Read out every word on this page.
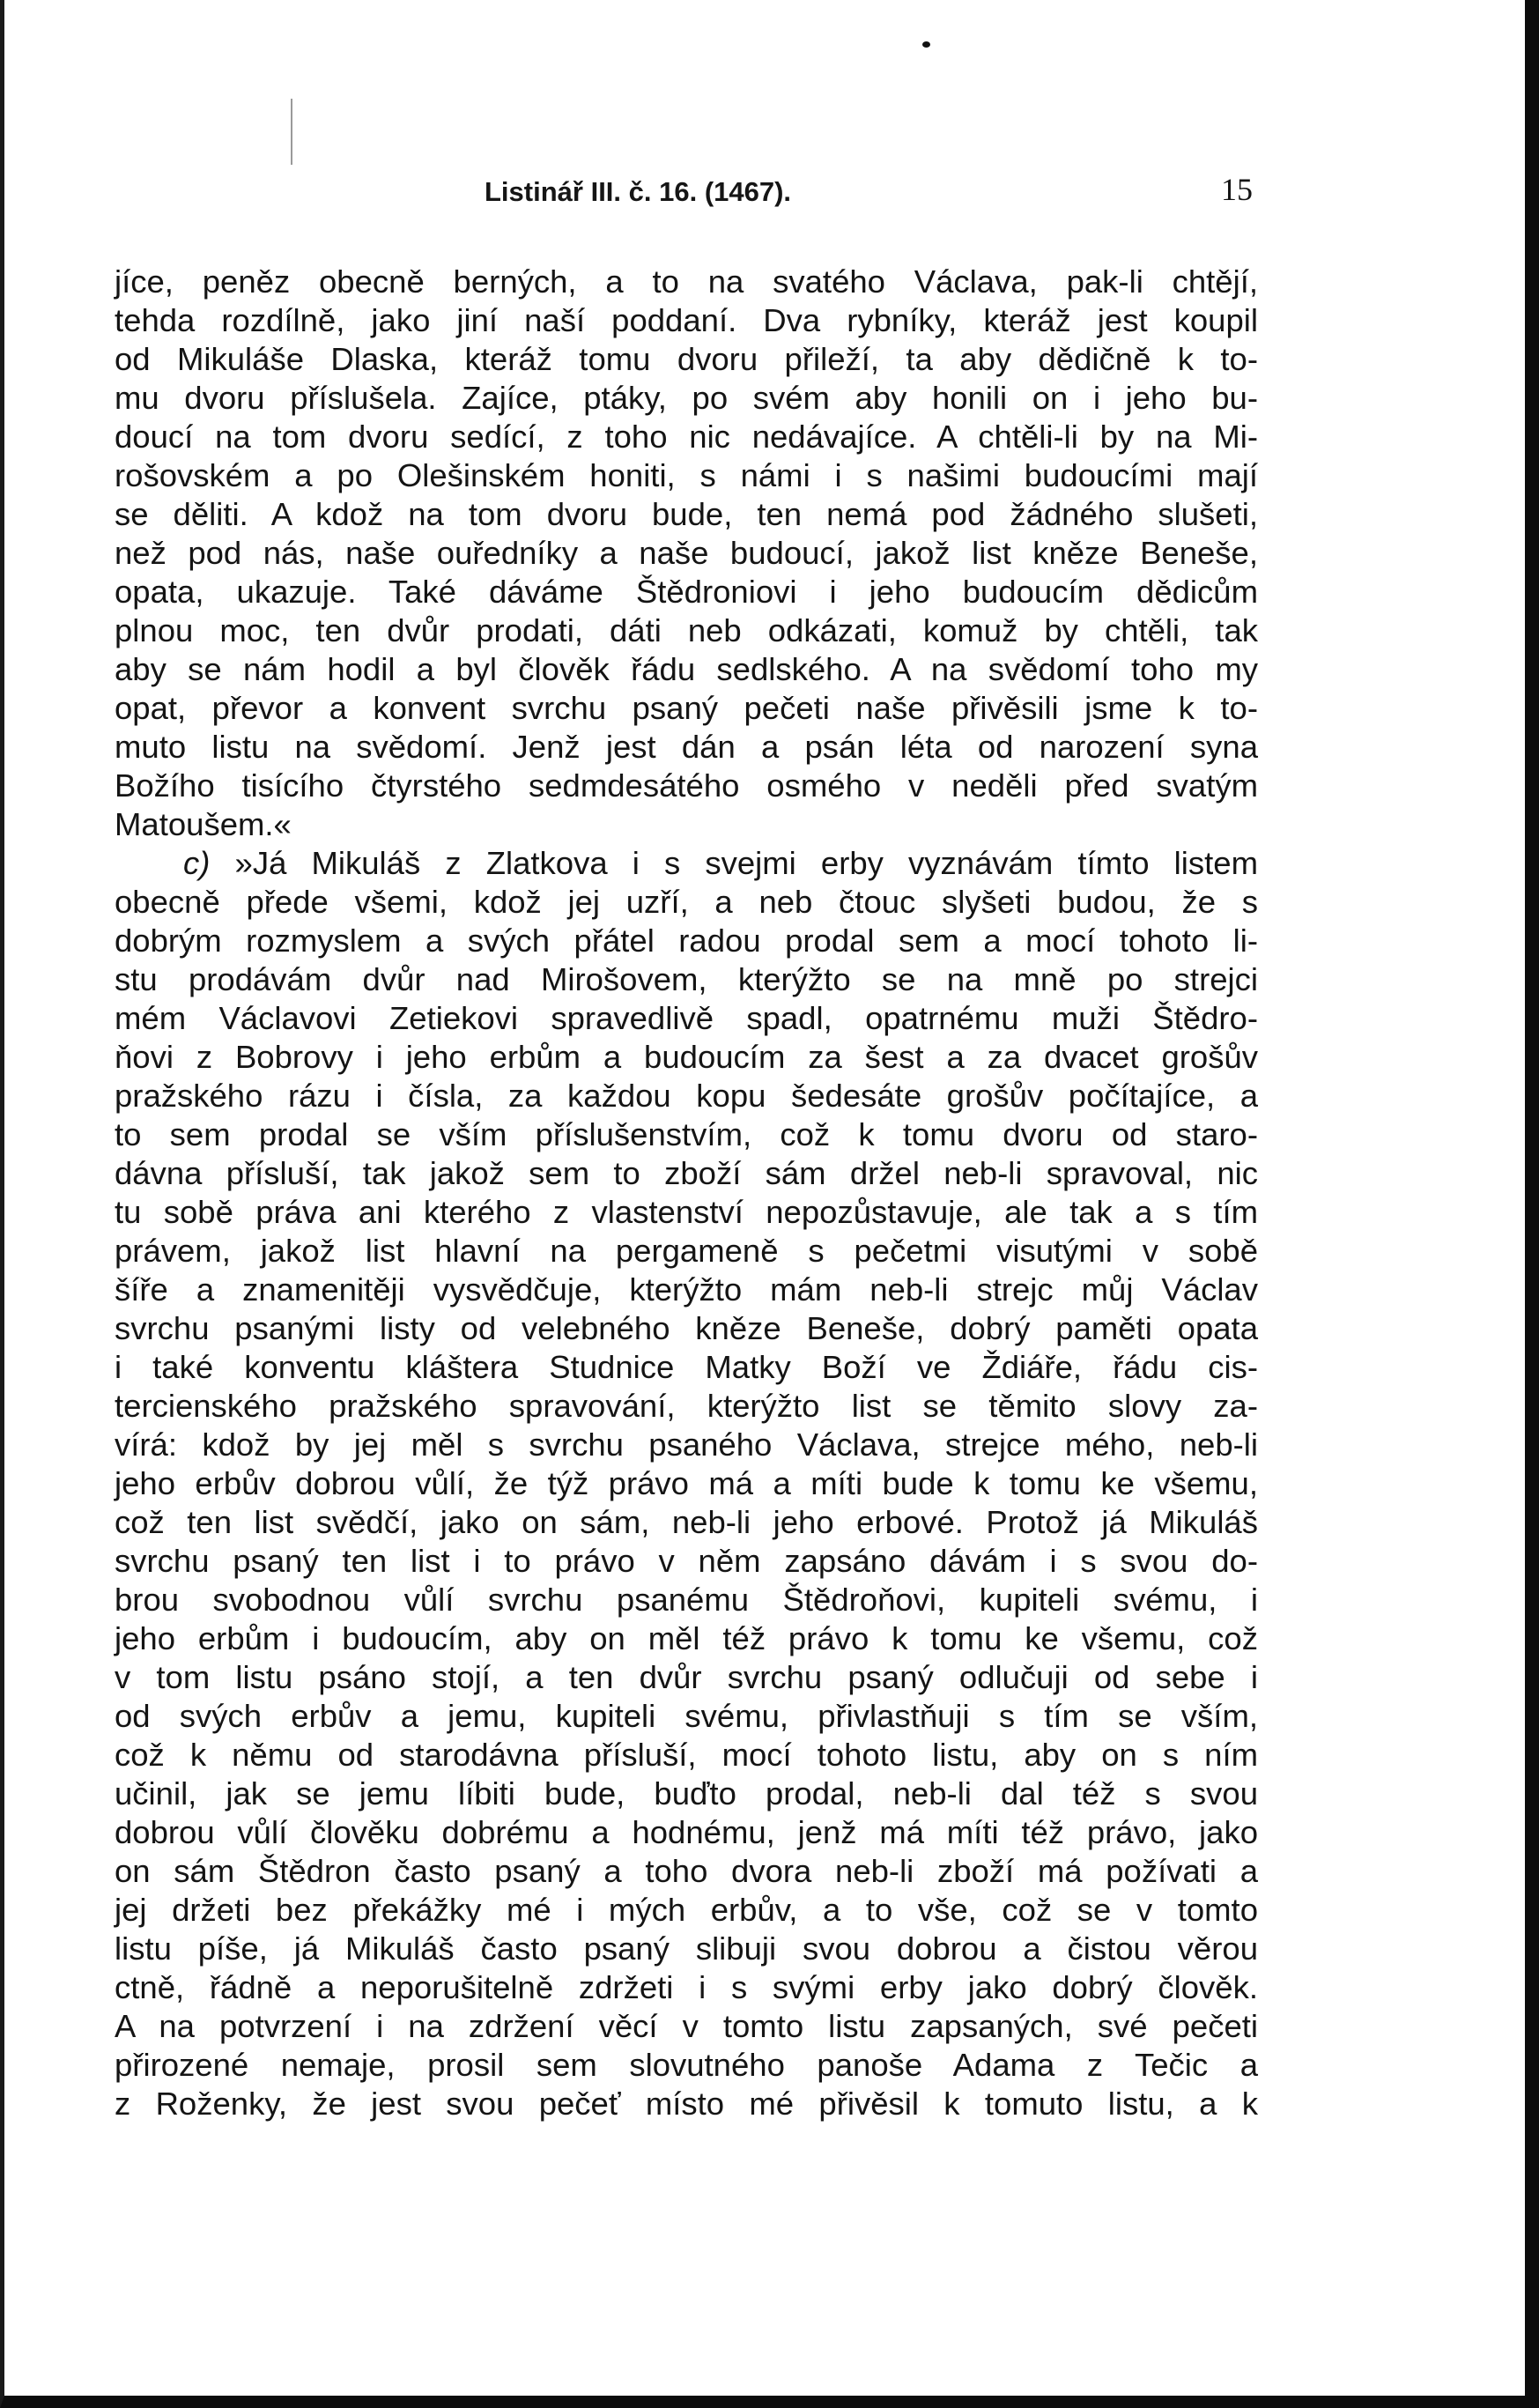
Listinář III. č. 16. (1467).	15
jíce, peněz obecně berných, a to na svatého Václava, pak-li chtějí,
tehda rozdílně, jako jiní naší poddaní. Dva rybníky, kteráž jest koupil
od Mikuláše Dlaska, kteráž tomu dvoru přileží, ta aby dědičně k to-
mu dvoru příslušela. Zajíce, ptáky, po svém aby honili on i jeho bu-
doucí na tom dvoru sedící, z toho nic nedávajíce. A chtěli-li by na Mi-
rošovském a po Olešinském honiti, s námi i s našimi budoucími mají
se děliti. A kdož na tom dvoru bude, ten nemá pod žádného slušeti,
než pod nás, naše ouředníky a naše budoucí, jakož list kněze Beneše,
opata, ukazuje. Také dáváme Štědroniovi i jeho budoucím dědicům
plnou moc, ten dvůr prodati, dáti neb odkázati, komuž by chtěli, tak
aby se nám hodil a byl člověk řádu sedlského. A na svědomí toho my
opat, převor a konvent svrchu psaný pečeti naše přivěsili jsme k to-
muto listu na svědomí. Jenž jest dán a psán léta od narození syna
Božího tisícího čtyrstého sedmdesátého osmého v neděli před svatým
Matoušem.«
c) »Já Mikuláš z Zlatkova i s svejmi erby vyznávám tímto listem
obecně přede všemi, kdož jej uzří, a neb čtouc slyšeti budou, že s
dobrým rozmyslem a svých přátel radou prodal sem a mocí tohoto li-
stu prodávám dvůr nad Mirošovem, kterýžto se na mně po strejci
mém Václavovi Zetiekovi spravedlivě spadl, opatrnému muži Štědro-
ňovi z Bobrovy i jeho erbům a budoucím za šest a za dvacet grošův
pražského rázu i čísla, za každou kopu šedesáte grošův počítajíce, a
to sem prodal se vším příslušenstvím, což k tomu dvoru od staro-
dávna přísluší, tak jakož sem to zboží sám držel neb-li spravoval, nic
tu sobě práva ani kterého z vlastenství nepozůstavuje, ale tak a s tím
právem, jakož list hlavní na pergameně s pečetmi visutými v sobě
šíře a znamenitěji vysvědčuje, kterýžto mám neb-li strejc můj Václav
svrchu psanými listy od velebného kněze Beneše, dobrý paměti opata
i také konventu kláštera Studnice Matky Boží ve Ždiáře, řádu cis-
tercienského pražského spravování, kterýžto list se těmito slovy za-
vírá: kdož by jej měl s svrchu psaného Václava, strejce mého, neb-li
jeho erbův dobrou vůlí, že týž právo má a míti bude k tomu ke všemu,
což ten list svědčí, jako on sám, neb-li jeho erbové. Protož já Mikuláš
svrchu psaný ten list i to právo v něm zapsáno dávám i s svou do-
brou svobodnou vůlí svrchu psanému Štědroňovi, kupiteli svému, i
jeho erbům i budoucím, aby on měl též právo k tomu ke všemu, což
v tom listu psáno stojí, a ten dvůr svrchu psaný odlučuji od sebe i
od svých erbův a jemu, kupiteli svému, přivlastňuji s tím se vším,
což k němu od starodávna přísluší, mocí tohoto listu, aby on s ním
učinil, jak se jemu líbiti bude, buďto prodal, neb-li dal též s svou
dobrou vůlí člověku dobrému a hodnému, jenž má míti též právo, jako
on sám Štědron často psaný a toho dvora neb-li zboží má požívati a
jej držeti bez překážky mé i mých erbův, a to vše, což se v tomto
listu píše, já Mikuláš často psaný slibuji svou dobrou a čistou věrou
ctně, řádně a neporušitelně zdržeti i s svými erby jako dobrý člověk.
A na potvrzení i na zdržení věcí v tomto listu zapsaných, své pečeti
přirozené nemaje, prosil sem slovutného panoše Adama z Tečic a
z Roženky, že jest svou pečeť místo mé přivěsil k tomuto listu, a k
